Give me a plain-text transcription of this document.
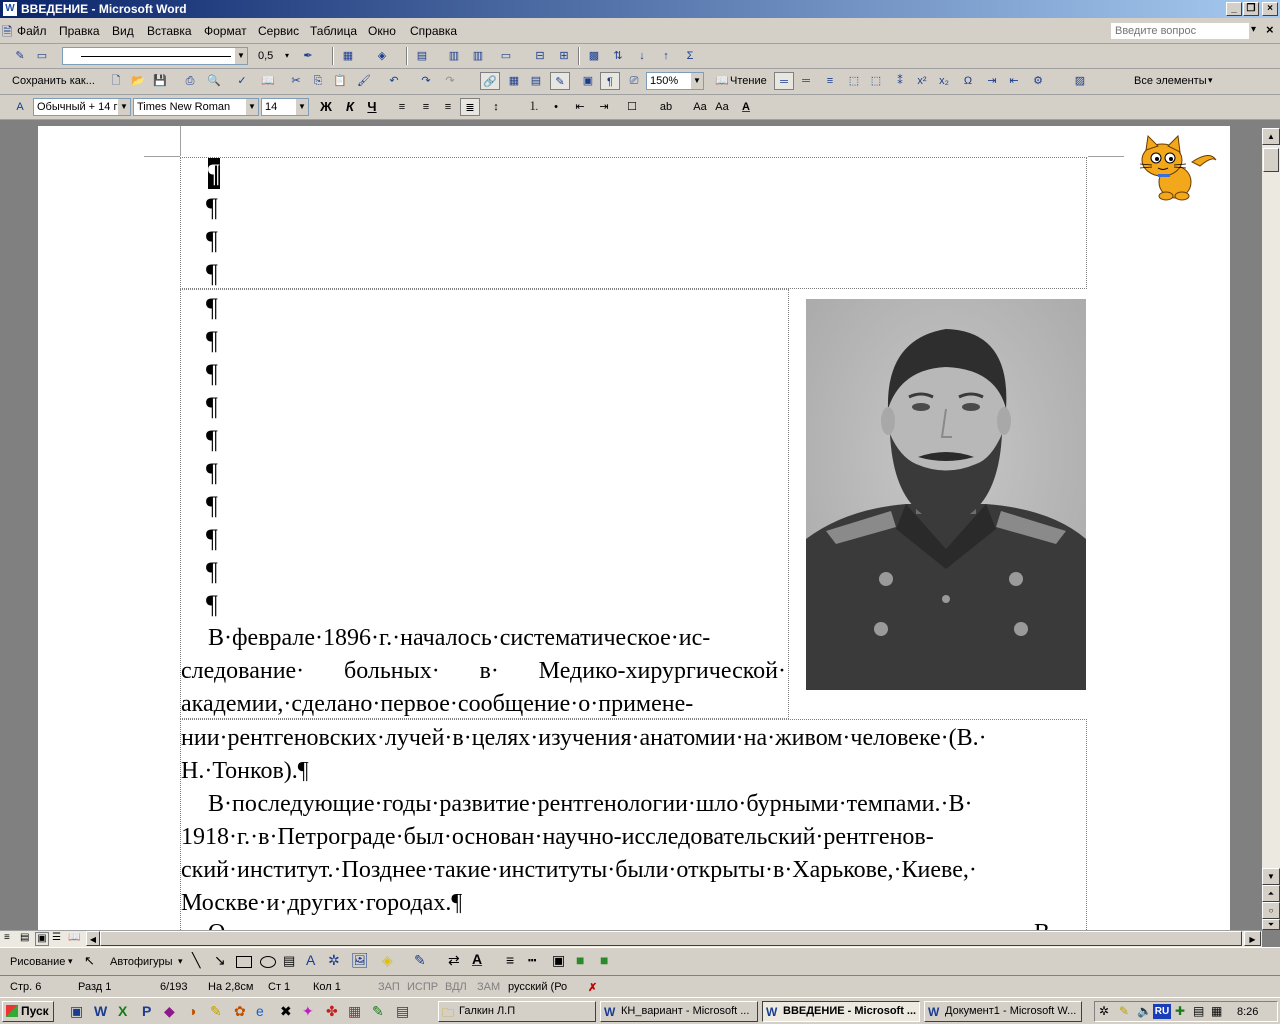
W ВВЕДЕНИЕ - Microsoft Word	_ ❐	×
🗎 Файл Правка Вид Вставка Формат Сервис Таблица Окно Справка
Введите вопрос	▾ ×
✎	▭	▼	0,5	▾	✒	▦	◈	▤	▥	▥	▭	⊟	⊞	▩	⇅	↓	↑	Σ
Сохранить как...	🗋 📂 💾	⎙	🔍	✓	📖	✂	⎘ 📋 🖌	↶	↷	↷	🔗	▦	▤	✎	▣	¶	⎚	150% ▼ 📖 Чтение	═	═	≡	⬚	⬚	⁑	x²	x₂	Ω	⇥	⇤	⚙	▨	Все элементы ▾
A	Обычный + 14 г ▼ Times New Roman ▼ 14	▼	Ж	К	Ч	≡	≡	≡	≣	↕	⒈	•	⇤	⇥	☐	ab	Aa Aa	A
¶
¶
¶
¶
¶
¶
¶
¶
¶
¶
¶
¶
¶
¶
В·феврале·1896·г.·началось·систематическое·ис-
следование· больных· в· Медико-хирургической·
академии,·сделано·первое·сообщение·о·примене-
нии·рентгеновских·лучей·в·целях·изучения·анатомии·на·живом·человеке·(В.·
Н.·Тонков).¶
В·последующие·годы·развитие·рентгенологии·шло·бурными·темпами.·В·
1918·г.·в·Петрограде·был·основан·научно-исследовательский·рентгенов-
ский·институт.·Позднее·такие·институты·были·открыты·в·Харькове,·Киеве,·
Москве·и·других·городах.¶
▲
▼
⏶
○
⏷
≡ ▤ ▣ ☰ 📖	◀	▶
Рисование ▾ ↖ Автофигуры ▾ ╲ ↘	▤ A ✲ 🖼 ◈ ✎ ⇄ A ≡ ┅ ▣ ■ ■
Стр. 6	Разд 1	6/193 На 2,8см Ст 1 Кол 1	ЗАП ИСПР ВДЛ ЗАМ русский (Ро ✗
Пуск	▣ W X P ◆ ◑ ✎ ✿ e ✖ ✦ ✤ ▦ ✎ ▤	🗀 Галкин Л.П	W КН_вариант - Microsoft ...	W ВВЕДЕНИЕ - Microsoft ... W Документ1 - Microsoft W...	✲ ✎ 🔈 RU ✚ ▤ ▦ 8:26
